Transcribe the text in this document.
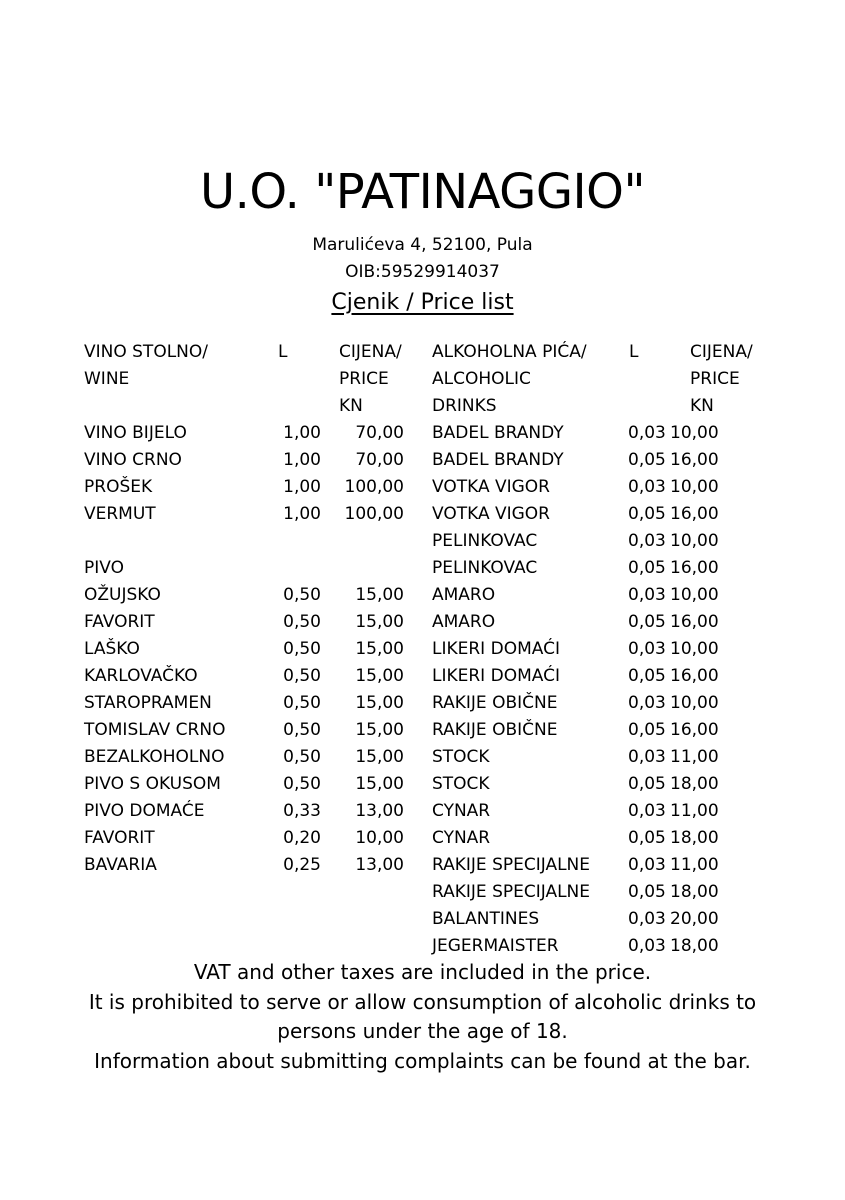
U.O. "PATINAGGIO"
Marulićeva 4, 52100, Pula
OIB:59529914037
Cjenik / Price list
VINO STOLNO/
WINE
L	CIJENA/
PRICE
KN
ALKOHOLNA PIĆA/
ALCOHOLIC
DRINKS
L	CIJENA/
PRICE
KN
VINO BIJELO	1,00	70,00
VINO CRNO	1,00	70,00
PROŠEK	1,00	100,00
VERMUT	1,00	100,00

PIVO		
OŽUJSKO	0,50	15,00
FAVORIT	0,50	15,00
LAŠKO	0,50	15,00
KARLOVAČKO	0,50	15,00
STAROPRAMEN	0,50	15,00
TOMISLAV CRNO	0,50	15,00
BEZALKOHOLNO	0,50	15,00
PIVO S OKUSOM	0,50	15,00
PIVO DOMAĆE	0,33	13,00
FAVORIT	0,20	10,00
BAVARIA	0,25	13,00
BADEL BRANDY	0,03	10,00
BADEL BRANDY	0,05	16,00
VOTKA VIGOR	0,03	10,00
VOTKA VIGOR	0,05	16,00
PELINKOVAC	0,03	10,00
PELINKOVAC	0,05	16,00
AMARO	0,03	10,00
AMARO	0,05	16,00
LIKERI DOMAĆI	0,03	10,00
LIKERI DOMAĆI	0,05	16,00
RAKIJE OBIČNE	0,03	10,00
RAKIJE OBIČNE	0,05	16,00
STOCK	0,03	11,00
STOCK	0,05	18,00
CYNAR	0,03	11,00
CYNAR	0,05	18,00
RAKIJE SPECIJALNE	0,03	11,00
RAKIJE SPECIJALNE	0,05	18,00
BALANTINES	0,03	20,00
JEGERMAISTER	0,03	18,00
VAT and other taxes are included in the price.
It is prohibited to serve or allow consumption of alcoholic drinks to
persons under the age of 18.
Information about submitting complaints can be found at the bar.
